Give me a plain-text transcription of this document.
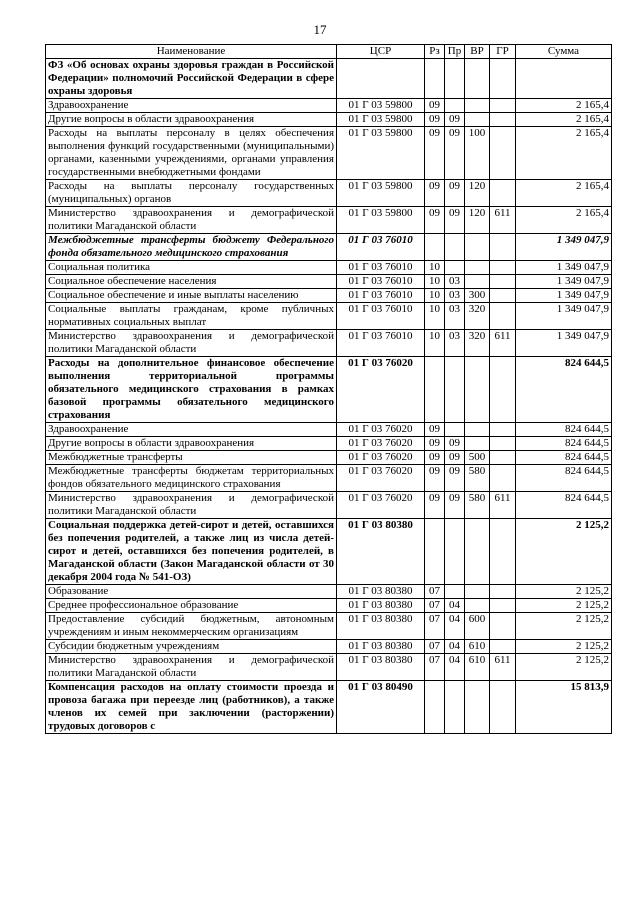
17
Наименование	ЦСР	Рз	Пр	ВР	ГР	Сумма
ФЗ «Об основах охраны здоровья граждан в Российской Федерации» полномочий Российской Федерации в сфере охраны здоровья						
Здравоохранение	01 Г 03 59800	09				2 165,4
Другие вопросы в области здравоохранения	01 Г 03 59800	09	09			2 165,4
Расходы на выплаты персоналу в целях обеспечения выполнения функций государственными (муниципальными) органами, казенными учреждениями, органами управления государственными внебюджетными фондами	01 Г 03 59800	09	09	100		2 165,4
Расходы на выплаты персоналу государственных (муниципальных) органов	01 Г 03 59800	09	09	120		2 165,4
Министерство здравоохранения и демографической политики Магаданской области	01 Г 03 59800	09	09	120	611	2 165,4
Межбюджетные трансферты бюджету Федерального фонда обязательного медицинского страхования	01 Г 03 76010					1 349 047,9
Социальная политика	01 Г 03 76010	10				1 349 047,9
Социальное обеспечение населения	01 Г 03 76010	10	03			1 349 047,9
Социальное обеспечение и иные выплаты населению	01 Г 03 76010	10	03	300		1 349 047,9
Социальные выплаты гражданам, кроме публичных нормативных социальных выплат	01 Г 03 76010	10	03	320		1 349 047,9
Министерство здравоохранения и демографической политики Магаданской области	01 Г 03 76010	10	03	320	611	1 349 047,9
Расходы на дополнительное финансовое обеспечение выполнения территориальной программы обязательного медицинского страхования в рамках базовой программы обязательного медицинского страхования	01 Г 03 76020					824 644,5
Здравоохранение	01 Г 03 76020	09				824 644,5
Другие вопросы в области здравоохранения	01 Г 03 76020	09	09			824 644,5
Межбюджетные трансферты	01 Г 03 76020	09	09	500		824 644,5
Межбюджетные трансферты бюджетам территориальных фондов обязательного медицинского страхования	01 Г 03 76020	09	09	580		824 644,5
Министерство здравоохранения и демографической политики Магаданской области	01 Г 03 76020	09	09	580	611	824 644,5
Социальная поддержка детей-сирот и детей, оставшихся без попечения родителей, а также лиц из числа детей-сирот и детей, оставшихся без попечения родителей, в Магаданской области (Закон Магаданской области от 30 декабря 2004 года № 541-ОЗ)	01 Г 03 80380					2 125,2
Образование	01 Г 03 80380	07				2 125,2
Среднее профессиональное образование	01 Г 03 80380	07	04			2 125,2
Предоставление субсидий бюджетным, автономным учреждениям и иным некоммерческим организациям	01 Г 03 80380	07	04	600		2 125,2
Субсидии бюджетным учреждениям	01 Г 03 80380	07	04	610		2 125,2
Министерство здравоохранения и демографической политики Магаданской области	01 Г 03 80380	07	04	610	611	2 125,2
Компенсация расходов на оплату стоимости проезда и провоза багажа при переезде лиц (работников), а также членов их семей при заключении (расторжении) трудовых договоров с	01 Г 03 80490					15 813,9
